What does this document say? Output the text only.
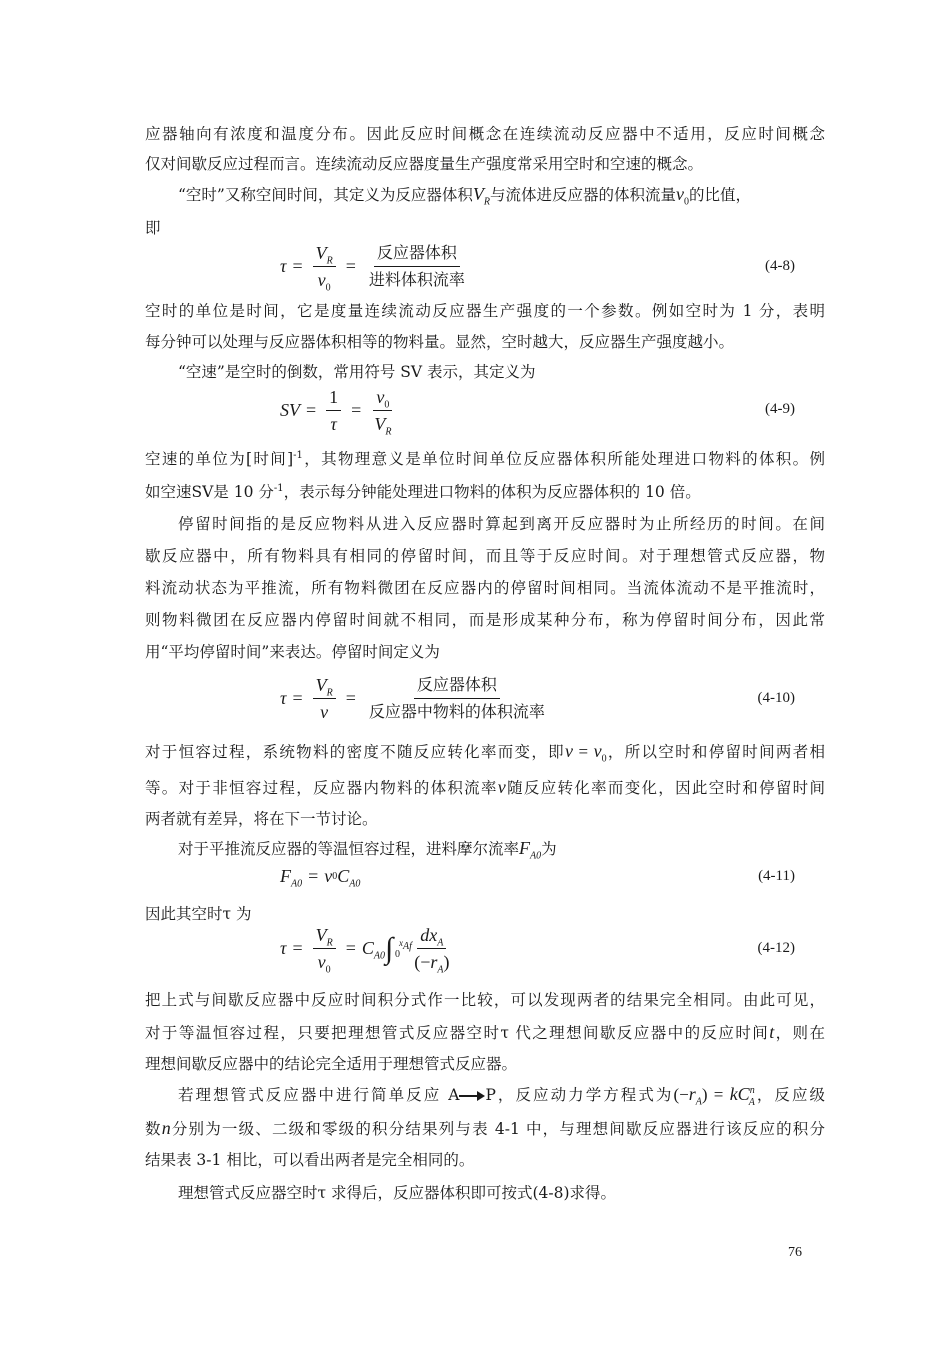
应器轴向有浓度和温度分布。因此反应时间概念在连续流动反应器中不适用，反应时间概念
仅对间歇反应过程而言。连续流动反应器度量生产强度常采用空时和空速的概念。
“空时”又称空间时间，其定义为反应器体积$V_R$与流体进反应器的体积流量$v_0$的比值，
即
$\tau = \frac{V_R}{v_0} = \frac{\text{反应器体积}}{\text{进料体积流率}}$	(4-8)
空时的单位是时间，它是度量连续流动反应器生产强度的一个参数。例如空时为 1 分，表明
每分钟可以处理与反应器体积相等的物料量。显然，空时越大，反应器生产强度越小。
“空速”是空时的倒数，常用符号 SV 表示，其定义为
SV = $\frac{1}{\tau} = \frac{v_0}{V_R}$	(4-9)
空速的单位为[时间]$^{-1}$，其物理意义是单位时间单位反应器体积所能处理进口物料的体积。例
如空速SV是 10 分$^{-1}$，表示每分钟能处理进口物料的体积为反应器体积的 10 倍。
停留时间指的是反应物料从进入反应器时算起到离开反应器时为止所经历的时间。在间
歇反应器中，所有物料具有相同的停留时间，而且等于反应时间。对于理想管式反应器，物
料流动状态为平推流，所有物料微团在反应器内的停留时间相同。当流体流动不是平推流时，
则物料微团在反应器内停留时间就不相同，而是形成某种分布，称为停留时间分布，因此常
用“平均停留时间”来表达。停留时间定义为
$\tau = \frac{V_R}{v} = \frac{\text{反应器体积}}{\text{反应器中物料的体积流率}}$	(4-10)
对于恒容过程，系统物料的密度不随反应转化率而变，即$v = v_0$，所以空时和停留时间两者相
等。对于非恒容过程，反应器内物料的体积流率v随反应转化率而变化，因此空时和停留时间
两者就有差异，将在下一节讨论。
对于平推流反应器的等温恒容过程，进料摩尔流率$F_{A0}$为
$F_{A0} = v$ 0 $C_{A0}$
(4-11)
因此其空时τ 为
$\tau = \frac{V_R}{v_0} = C_{A0}$ ∫ $x_{Af}$
$0 \frac{dx_A}{(-r_A)}$	(4-12)
把上式与间歇反应器中反应时间积分式作一比较，可以发现两者的结果完全相同。由此可见，
对于等温恒容过程，只要把理想管式反应器空时τ 代之理想间歇反应器中的反应时间t，则在
理想间歇反应器中的结论完全适用于理想管式反应器。
若理想管式反应器中进行简单反应 A P，反应动力学方程式为$(-r_A) = kC^n_A$，反应级
数n分别为一级、二级和零级的积分结果列与表 4-1 中，与理想间歇反应器进行该反应的积分
结果表 3-1 相比，可以看出两者是完全相同的。
理想管式反应器空时τ 求得后，反应器体积即可按式(4-8)求得。
76
